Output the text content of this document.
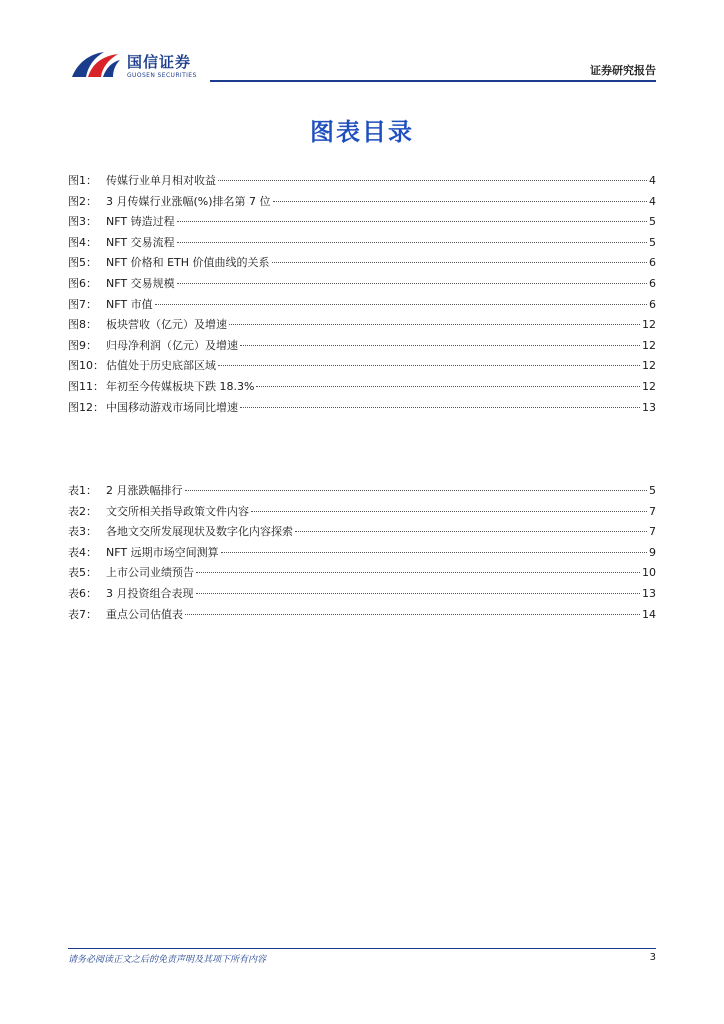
国信证券
GUOSEN SECURITIES	证券研究报告
图表目录
图1： 传媒行业单月相对收益	4
图2： 3 月传媒行业涨幅(%)排名第 7 位	4
图3： NFT 铸造过程	5
图4： NFT 交易流程	5
图5： NFT 价格和 ETH 价值曲线的关系	6
图6： NFT 交易规模	6
图7： NFT 市值	6
图8： 板块营收（亿元）及增速	12
图9： 归母净利润（亿元）及增速	12
图10： 估值处于历史底部区域	12
图11： 年初至今传媒板块下跌 18.3%	12
图12： 中国移动游戏市场同比增速	13
表1： 2 月涨跌幅排行	5
表2： 文交所相关指导政策文件内容	7
表3： 各地文交所发展现状及数字化内容探索	7
表4： NFT 远期市场空间测算	9
表5： 上市公司业绩预告	10
表6： 3 月投资组合表现	13
表7： 重点公司估值表	14
请务必阅读正文之后的免责声明及其项下所有内容	3
